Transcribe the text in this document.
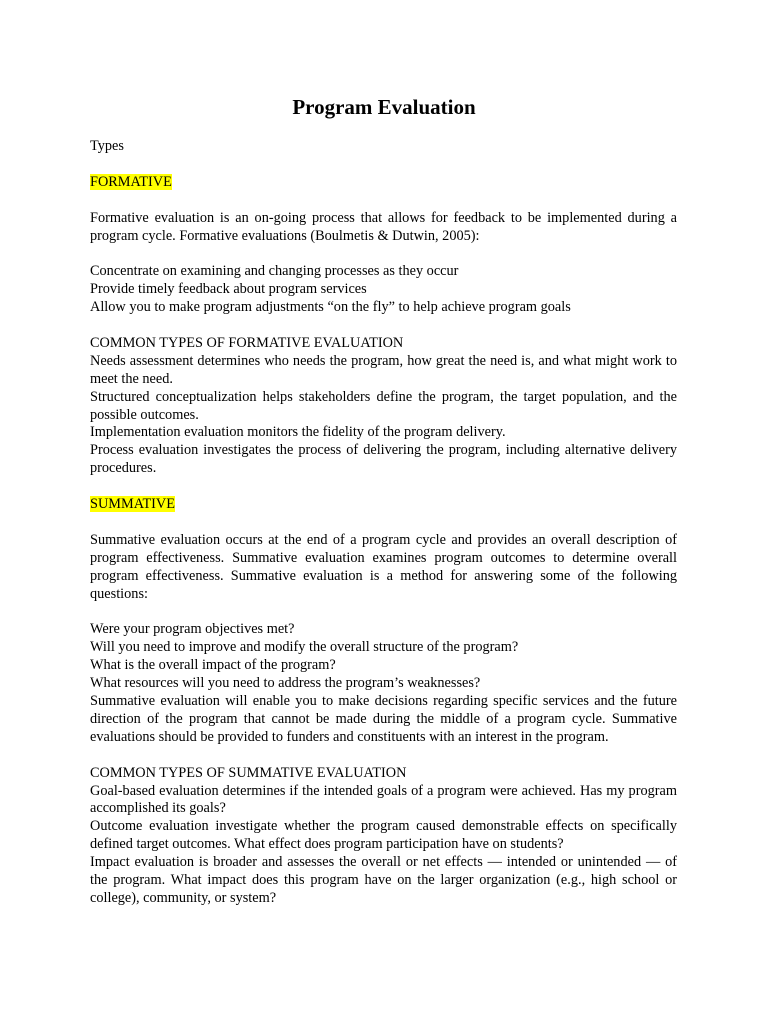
Program Evaluation

Types

FORMATIVE

Formative evaluation is an on-going process that allows for feedback to be implemented during a program cycle. Formative evaluations (Boulmetis & Dutwin, 2005):

Concentrate on examining and changing processes as they occur

Provide timely feedback about program services

Allow you to make program adjustments “on the fly” to help achieve program goals

COMMON TYPES OF FORMATIVE EVALUATION

Needs assessment determines who needs the program, how great the need is, and what might work to meet the need.

Structured conceptualization helps stakeholders define the program, the target population, and the possible outcomes.

Implementation evaluation monitors the fidelity of the program delivery.

Process evaluation investigates the process of delivering the program, including alternative delivery procedures.

SUMMATIVE

Summative evaluation occurs at the end of a program cycle and provides an overall description of program effectiveness. Summative evaluation examines program outcomes to determine overall program effectiveness. Summative evaluation is a method for answering some of the following questions:

Were your program objectives met?

Will you need to improve and modify the overall structure of the program?

What is the overall impact of the program?

What resources will you need to address the program’s weaknesses?

Summative evaluation will enable you to make decisions regarding specific services and the future direction of the program that cannot be made during the middle of a program cycle. Summative evaluations should be provided to funders and constituents with an interest in the program.

COMMON TYPES OF SUMMATIVE EVALUATION

Goal-based evaluation determines if the intended goals of a program were achieved. Has my program accomplished its goals?

Outcome evaluation investigate whether the program caused demonstrable effects on specifically defined target outcomes. What effect does program participation have on students?

Impact evaluation is broader and assesses the overall or net effects — intended or unintended — of the program. What impact does this program have on the larger organization (e.g., high school or college), community, or system?
